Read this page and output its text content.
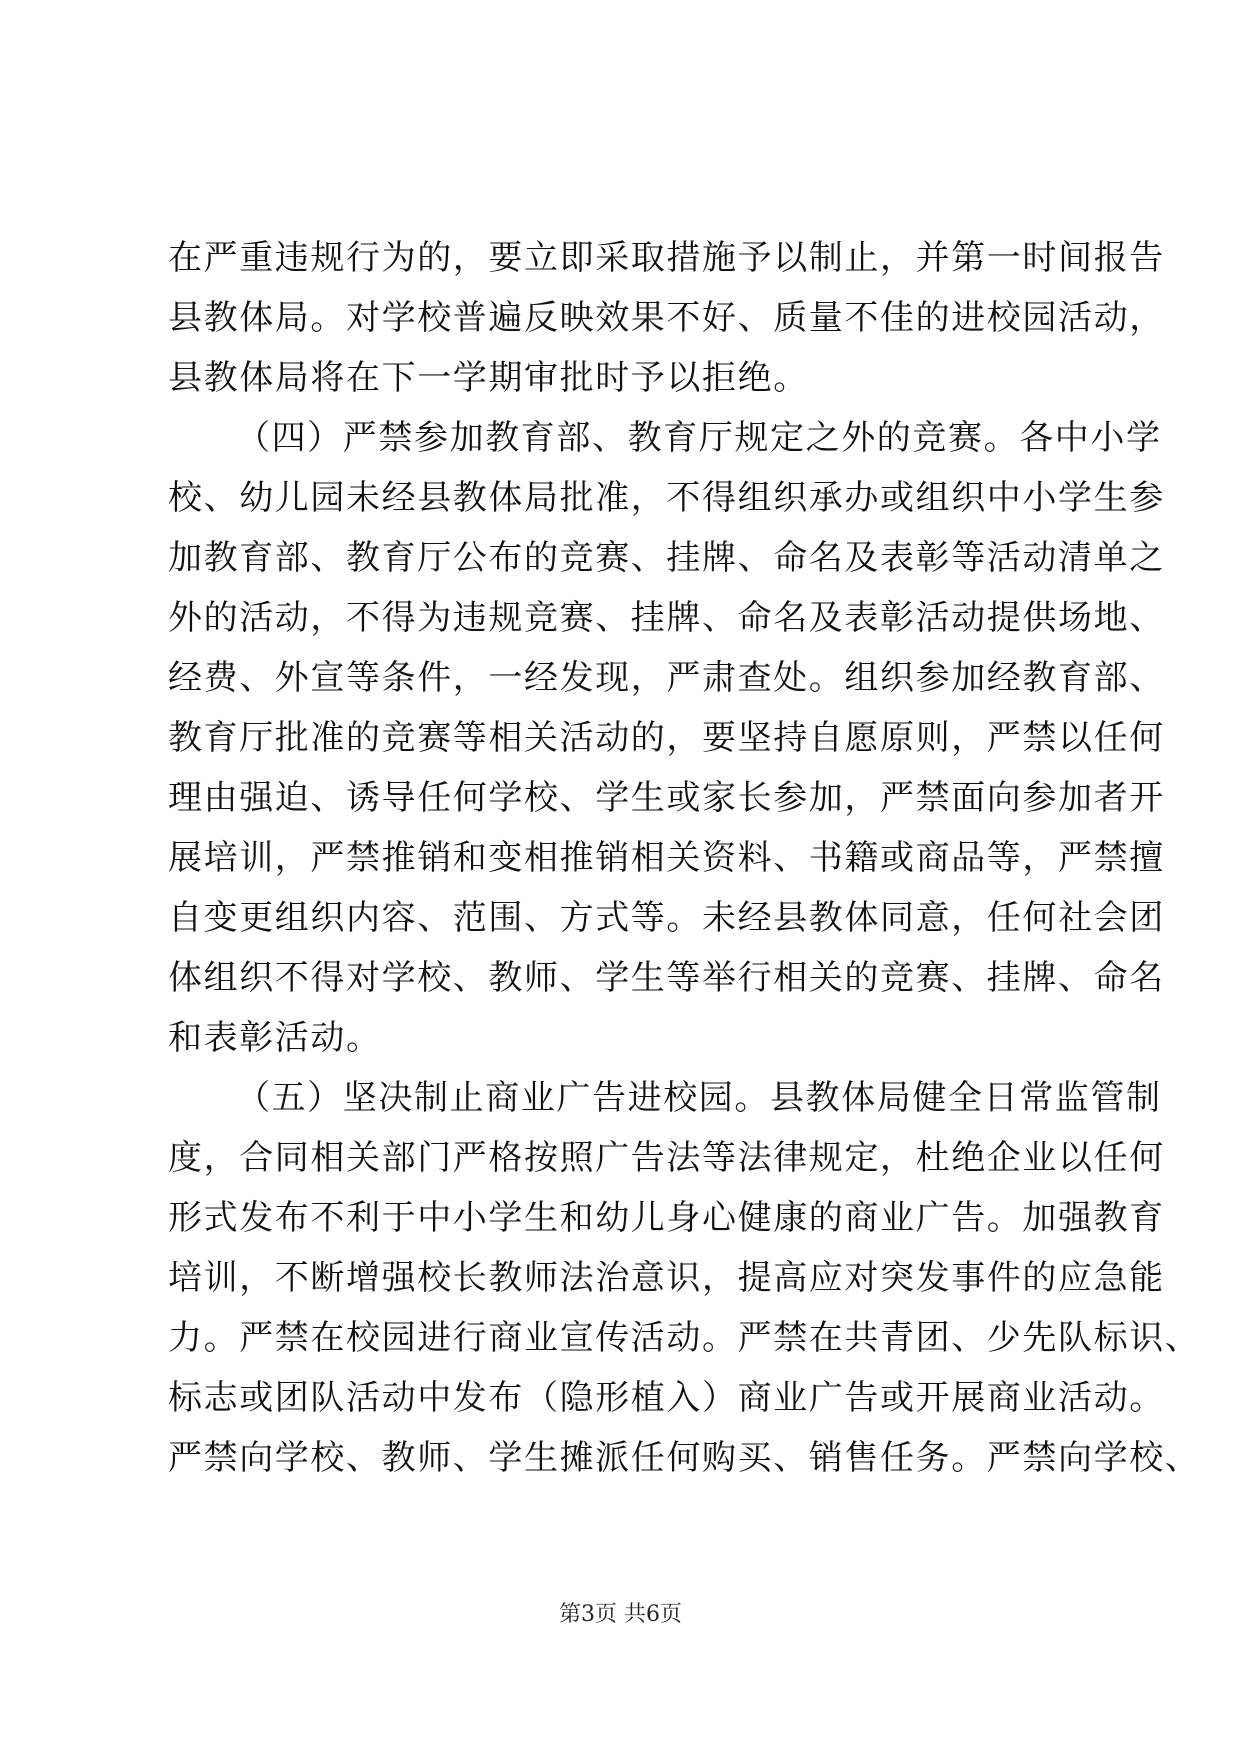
在严重违规行为的，要立即采取措施予以制止，并第一时间报告
县教体局。对学校普遍反映效果不好、质量不佳的进校园活动，
县教体局将在下一学期审批时予以拒绝。
（四）严禁参加教育部、教育厅规定之外的竞赛。各中小学
校、幼儿园未经县教体局批准，不得组织承办或组织中小学生参
加教育部、教育厅公布的竞赛、挂牌、命名及表彰等活动清单之
外的活动，不得为违规竞赛、挂牌、命名及表彰活动提供场地、
经费、外宣等条件，一经发现，严肃查处。组织参加经教育部、
教育厅批准的竞赛等相关活动的，要坚持自愿原则，严禁以任何
理由强迫、诱导任何学校、学生或家长参加，严禁面向参加者开
展培训，严禁推销和变相推销相关资料、书籍或商品等，严禁擅
自变更组织内容、范围、方式等。未经县教体同意，任何社会团
体组织不得对学校、教师、学生等举行相关的竞赛、挂牌、命名
和表彰活动。
（五）坚决制止商业广告进校园。县教体局健全日常监管制
度，合同相关部门严格按照广告法等法律规定，杜绝企业以任何
形式发布不利于中小学生和幼儿身心健康的商业广告。加强教育
培训，不断增强校长教师法治意识，提高应对突发事件的应急能
力。严禁在校园进行商业宣传活动。严禁在共青团、少先队标识、
标志或团队活动中发布（隐形植入）商业广告或开展商业活动。
严禁向学校、教师、学生摊派任何购买、销售任务。严禁向学校、
第3页 共6页
